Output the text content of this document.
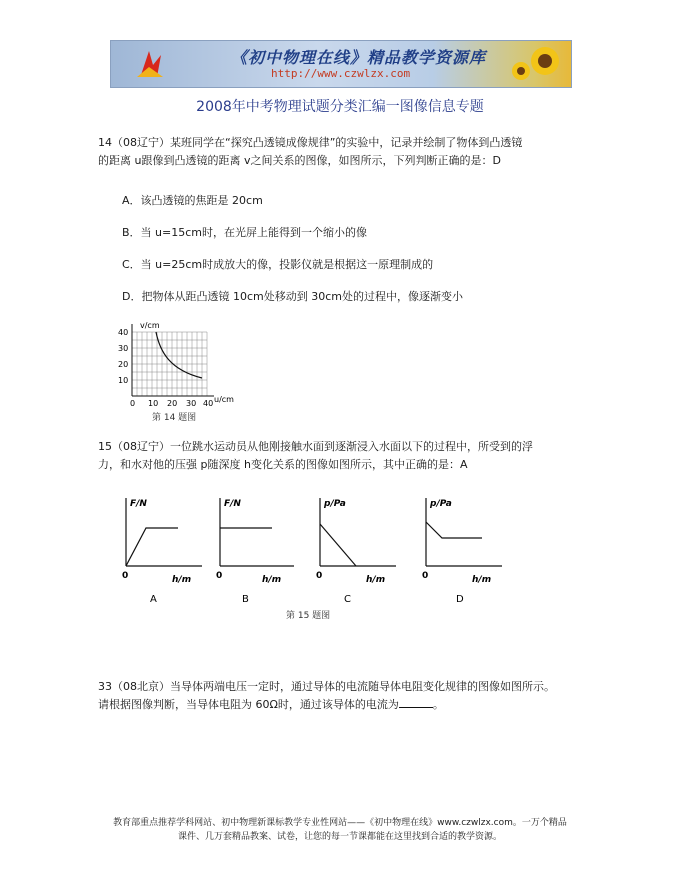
《初中物理在线》精品教学资源库
http://www.czwlzx.com
2008年中考物理试题分类汇编一图像信息专题
14（08辽宁）某班同学在“探究凸透镜成像规律”的实验中，记录并绘制了物体到凸透镜
的距离 u跟像到凸透镜的距离 v之间关系的图像，如图所示，下列判断正确的是：D
A．该凸透镜的焦距是 20cm
B．当 u=15cm时，在光屏上能得到一个缩小的像
C．当 u=25cm时成放大的像，投影仪就是根据这一原理制成的
D．把物体从距凸透镜 10cm处移动到 30cm处的过程中，像逐渐变小
v/cm
u/cm
40
30
20
10
0 10 20 30 40
第 14 题图
15（08辽宁）一位跳水运动员从他刚接触水面到逐渐浸入水面以下的过程中，所受到的浮
力，和水对他的压强 p随深度 h变化关系的图像如图所示，其中正确的是：A
F/N
h/m
0
A
F/N
h/m
0
B
p/Pa
h/m
0
C
p/Pa
h/m
0
D
第 15 题图
33（08北京）当导体两端电压一定时，通过导体的电流随导体电阻变化规律的图像如图所示。
请根据图像判断，当导体电阻为 60Ω时，通过该导体的电流为	。
教育部重点推荐学科网站、初中物理新课标教学专业性网站——《初中物理在线》www.czwlzx.com。一万个精品
课件、几万套精品教案、试卷，让您的每一节课都能在这里找到合适的教学资源。
